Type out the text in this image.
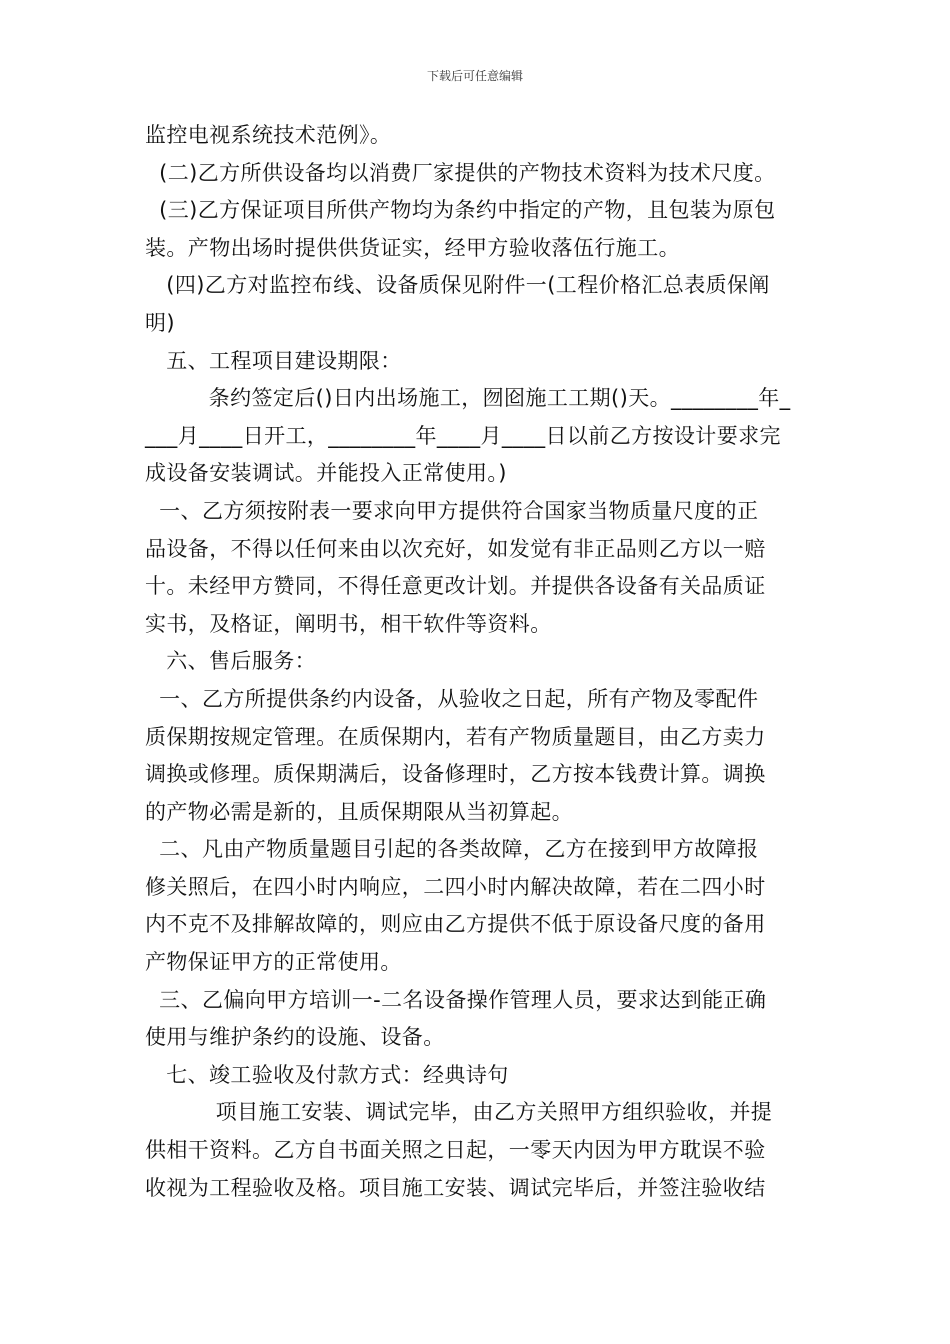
下载后可任意编辑
监控电视系统技术范例》。
(二)乙方所供设备均以消费厂家提供的产物技术资料为技术尺度。
(三)乙方保证项目所供产物均为条约中指定的产物，且包装为原包
装。产物出场时提供供货证实，经甲方验收落伍行施工。
(四)乙方对监控布线、设备质保见附件一(工程价格汇总表质保阐
明)
五、工程项目建设期限：
条约签定后()日内出场施工，囫囵施工工期()天。________年_
___月____日开工，________年____月____日以前乙方按设计要求完
成设备安装调试。并能投入正常使用。)
一、乙方须按附表一要求向甲方提供符合国家当物质量尺度的正
品设备，不得以任何来由以次充好，如发觉有非正品则乙方以一赔
十。未经甲方赞同，不得任意更改计划。并提供各设备有关品质证
实书，及格证，阐明书，相干软件等资料。
六、售后服务：
一、乙方所提供条约内设备，从验收之日起，所有产物及零配件
质保期按规定管理。在质保期内，若有产物质量题目，由乙方卖力
调换或修理。质保期满后，设备修理时，乙方按本钱费计算。调换
的产物必需是新的，且质保期限从当初算起。
二、凡由产物质量题目引起的各类故障，乙方在接到甲方故障报
修关照后，在四小时内响应，二四小时内解决故障，若在二四小时
内不克不及排解故障的，则应由乙方提供不低于原设备尺度的备用
产物保证甲方的正常使用。
三、乙偏向甲方培训一-二名设备操作管理人员，要求达到能正确
使用与维护条约的设施、设备。
七、竣工验收及付款方式：经典诗句
项目施工安装、调试完毕，由乙方关照甲方组织验收，并提
供相干资料。乙方自书面关照之日起，一零天内因为甲方耽误不验
收视为工程验收及格。项目施工安装、调试完毕后，并签注验收结
